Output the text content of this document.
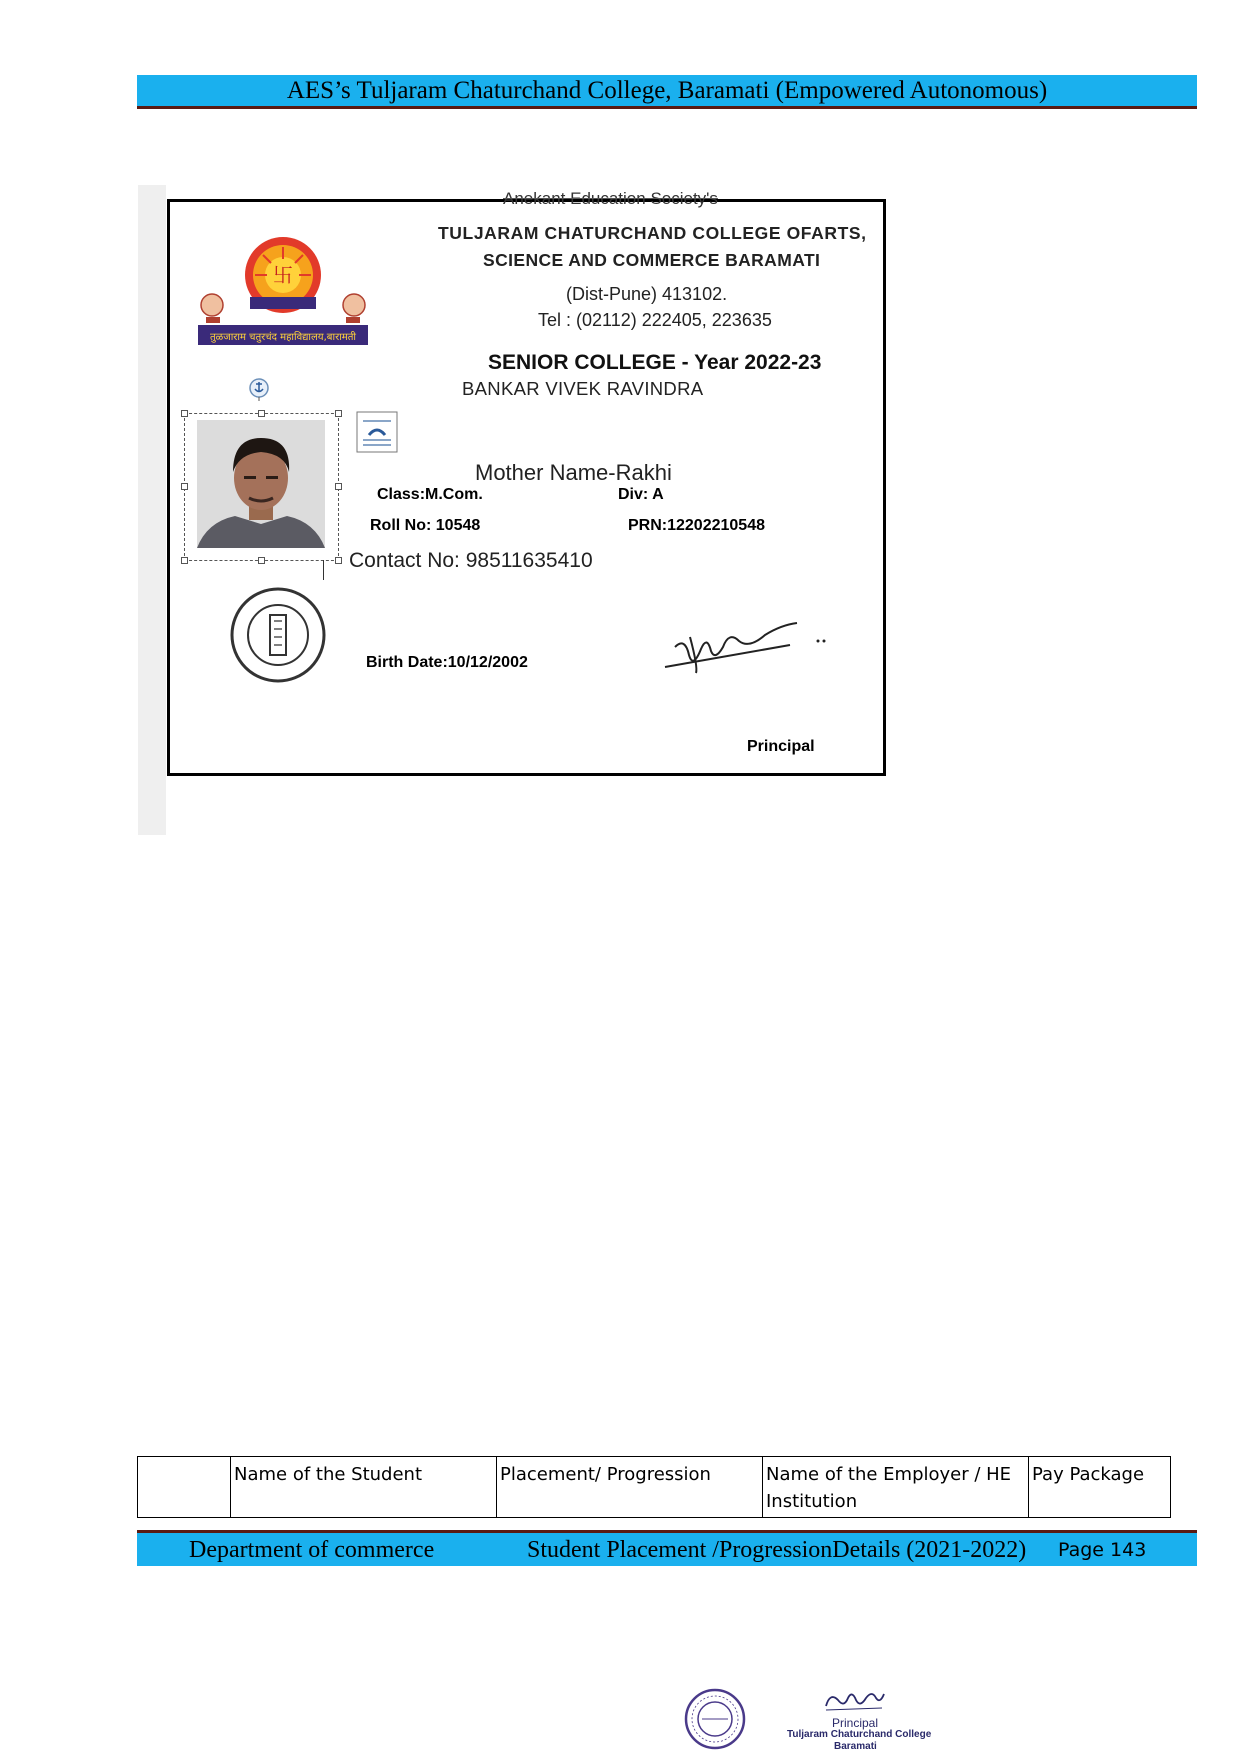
AES’s Tuljaram Chaturchand College, Baramati (Empowered Autonomous)
Anekant Education Society's
TULJARAM CHATURCHAND COLLEGE OFARTS,
SCIENCE AND COMMERCE BARAMATI
(Dist-Pune) 413102.
Tel : (02112) 222405, 223635
SENIOR COLLEGE - Year 2022-23
BANKAR VIVEK RAVINDRA
Mother Name-Rakhi
Class:M.Com.	Div: A
Roll No: 10548	PRN:12202210548
Contact No: 98511635410
Birth Date:10/12/2002
Principal
卐
तुळजाराम चतुरचंद महाविद्यालय,बारामती
	Name of the Student	Placement/ Progression	Name of the Employer / HE Institution	Pay Package
Department of commerce	Student Placement /ProgressionDetails (2021-2022) Page 143
Principal
Tuljaram Chaturchand College
Baramati
